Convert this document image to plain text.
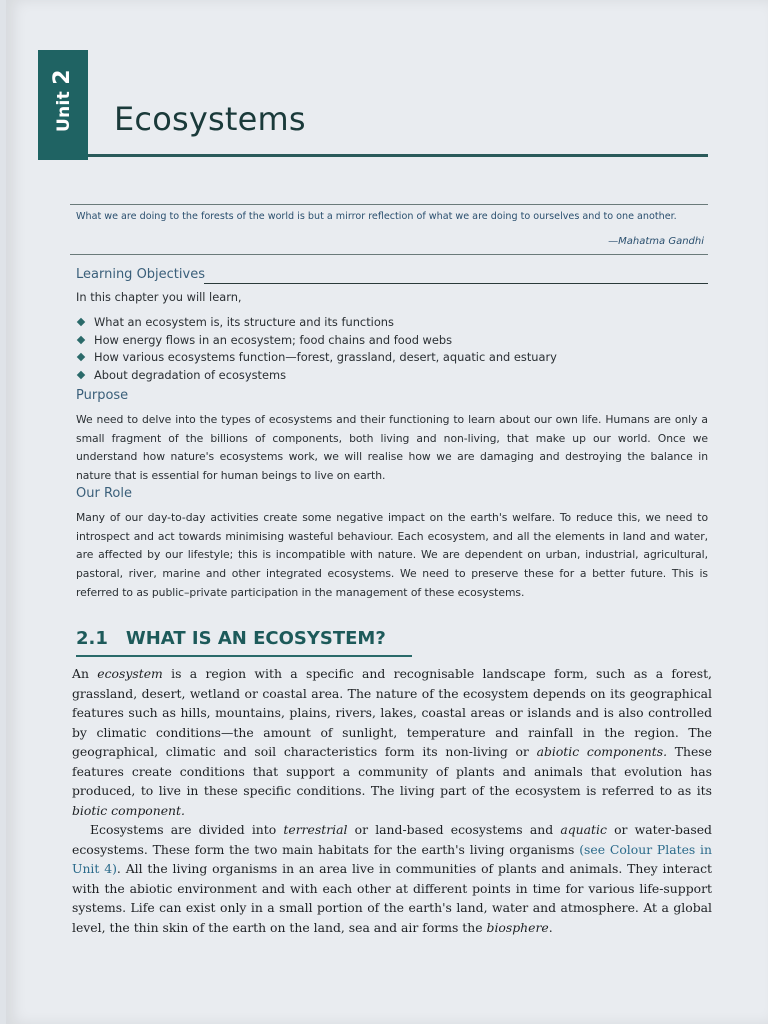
Unit 2
Ecosystems
What we are doing to the forests of the world is but a mirror reflection of what we are doing to ourselves and to one another.
—Mahatma Gandhi
Learning Objectives
In this chapter you will learn,
What an ecosystem is, its structure and its functions
How energy flows in an ecosystem; food chains and food webs
How various ecosystems function—forest, grassland, desert, aquatic and estuary
About degradation of ecosystems
Purpose
We need to delve into the types of ecosystems and their functioning to learn about our own life. Humans are only a small fragment of the billions of components, both living and non-living, that make up our world. Once we understand how nature's ecosystems work, we will realise how we are damaging and destroying the balance in nature that is essential for human beings to live on earth.
Our Role
Many of our day-to-day activities create some negative impact on the earth's welfare. To reduce this, we need to introspect and act towards minimising wasteful behaviour. Each ecosystem, and all the elements in land and water, are affected by our lifestyle; this is incompatible with nature. We are dependent on urban, industrial, agricultural, pastoral, river, marine and other integrated ecosystems. We need to preserve these for a better future. This is referred to as public–private participation in the management of these ecosystems.
2.1 WHAT IS AN ECOSYSTEM?
An ecosystem is a region with a specific and recognisable landscape form, such as a forest, grassland, desert, wetland or coastal area. The nature of the ecosystem depends on its geographical features such as hills, mountains, plains, rivers, lakes, coastal areas or islands and is also controlled by climatic conditions—the amount of sunlight, temperature and rainfall in the region. The geographical, climatic and soil characteristics form its non-living or abiotic components. These features create conditions that support a community of plants and animals that evolution has produced, to live in these specific conditions. The living part of the ecosystem is referred to as its biotic component.
Ecosystems are divided into terrestrial or land-based ecosystems and aquatic or water-based ecosystems. These form the two main habitats for the earth's living organisms (see Colour Plates in Unit 4). All the living organisms in an area live in communities of plants and animals. They interact with the abiotic environment and with each other at different points in time for various life-support systems. Life can exist only in a small portion of the earth's land, water and atmosphere. At a global level, the thin skin of the earth on the land, sea and air forms the biosphere.
